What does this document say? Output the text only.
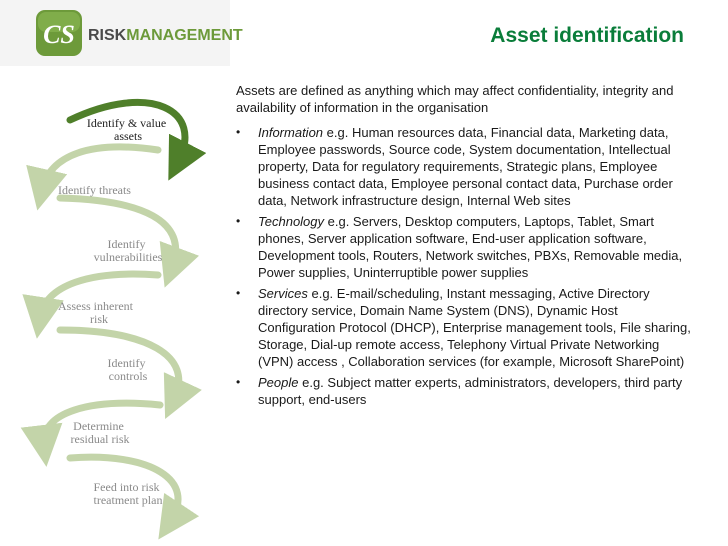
CS RISKMANAGEMENT	Asset identification
Identify & value assets
Identify threats
Identify vulnerabilities
Assess inherent risk
Identify controls
Determine residual risk
Feed into risk treatment plan

Assets are defined as anything which may affect confidentiality, integrity and availability of information in the organisation

• Information e.g. Human resources data, Financial data, Marketing data, Employee passwords, Source code, System documentation, Intellectual property, Data for regulatory requirements, Strategic plans, Employee business contact data, Employee personal contact data, Purchase order data, Network infrastructure design, Internal Web sites
• Technology e.g. Servers, Desktop computers, Laptops, Tablet, Smart phones, Server application software, End-user application software, Development tools, Routers, Network switches, PBXs, Removable media, Power supplies, Uninterruptible power supplies
• Services e.g. E-mail/scheduling, Instant messaging, Active Directory directory service, Domain Name System (DNS), Dynamic Host Configuration Protocol (DHCP), Enterprise management tools, File sharing, Storage, Dial-up remote access, Telephony Virtual Private Networking (VPN) access , Collaboration services (for example, Microsoft SharePoint)
• People e.g. Subject matter experts, administrators, developers, third party support, end-users
